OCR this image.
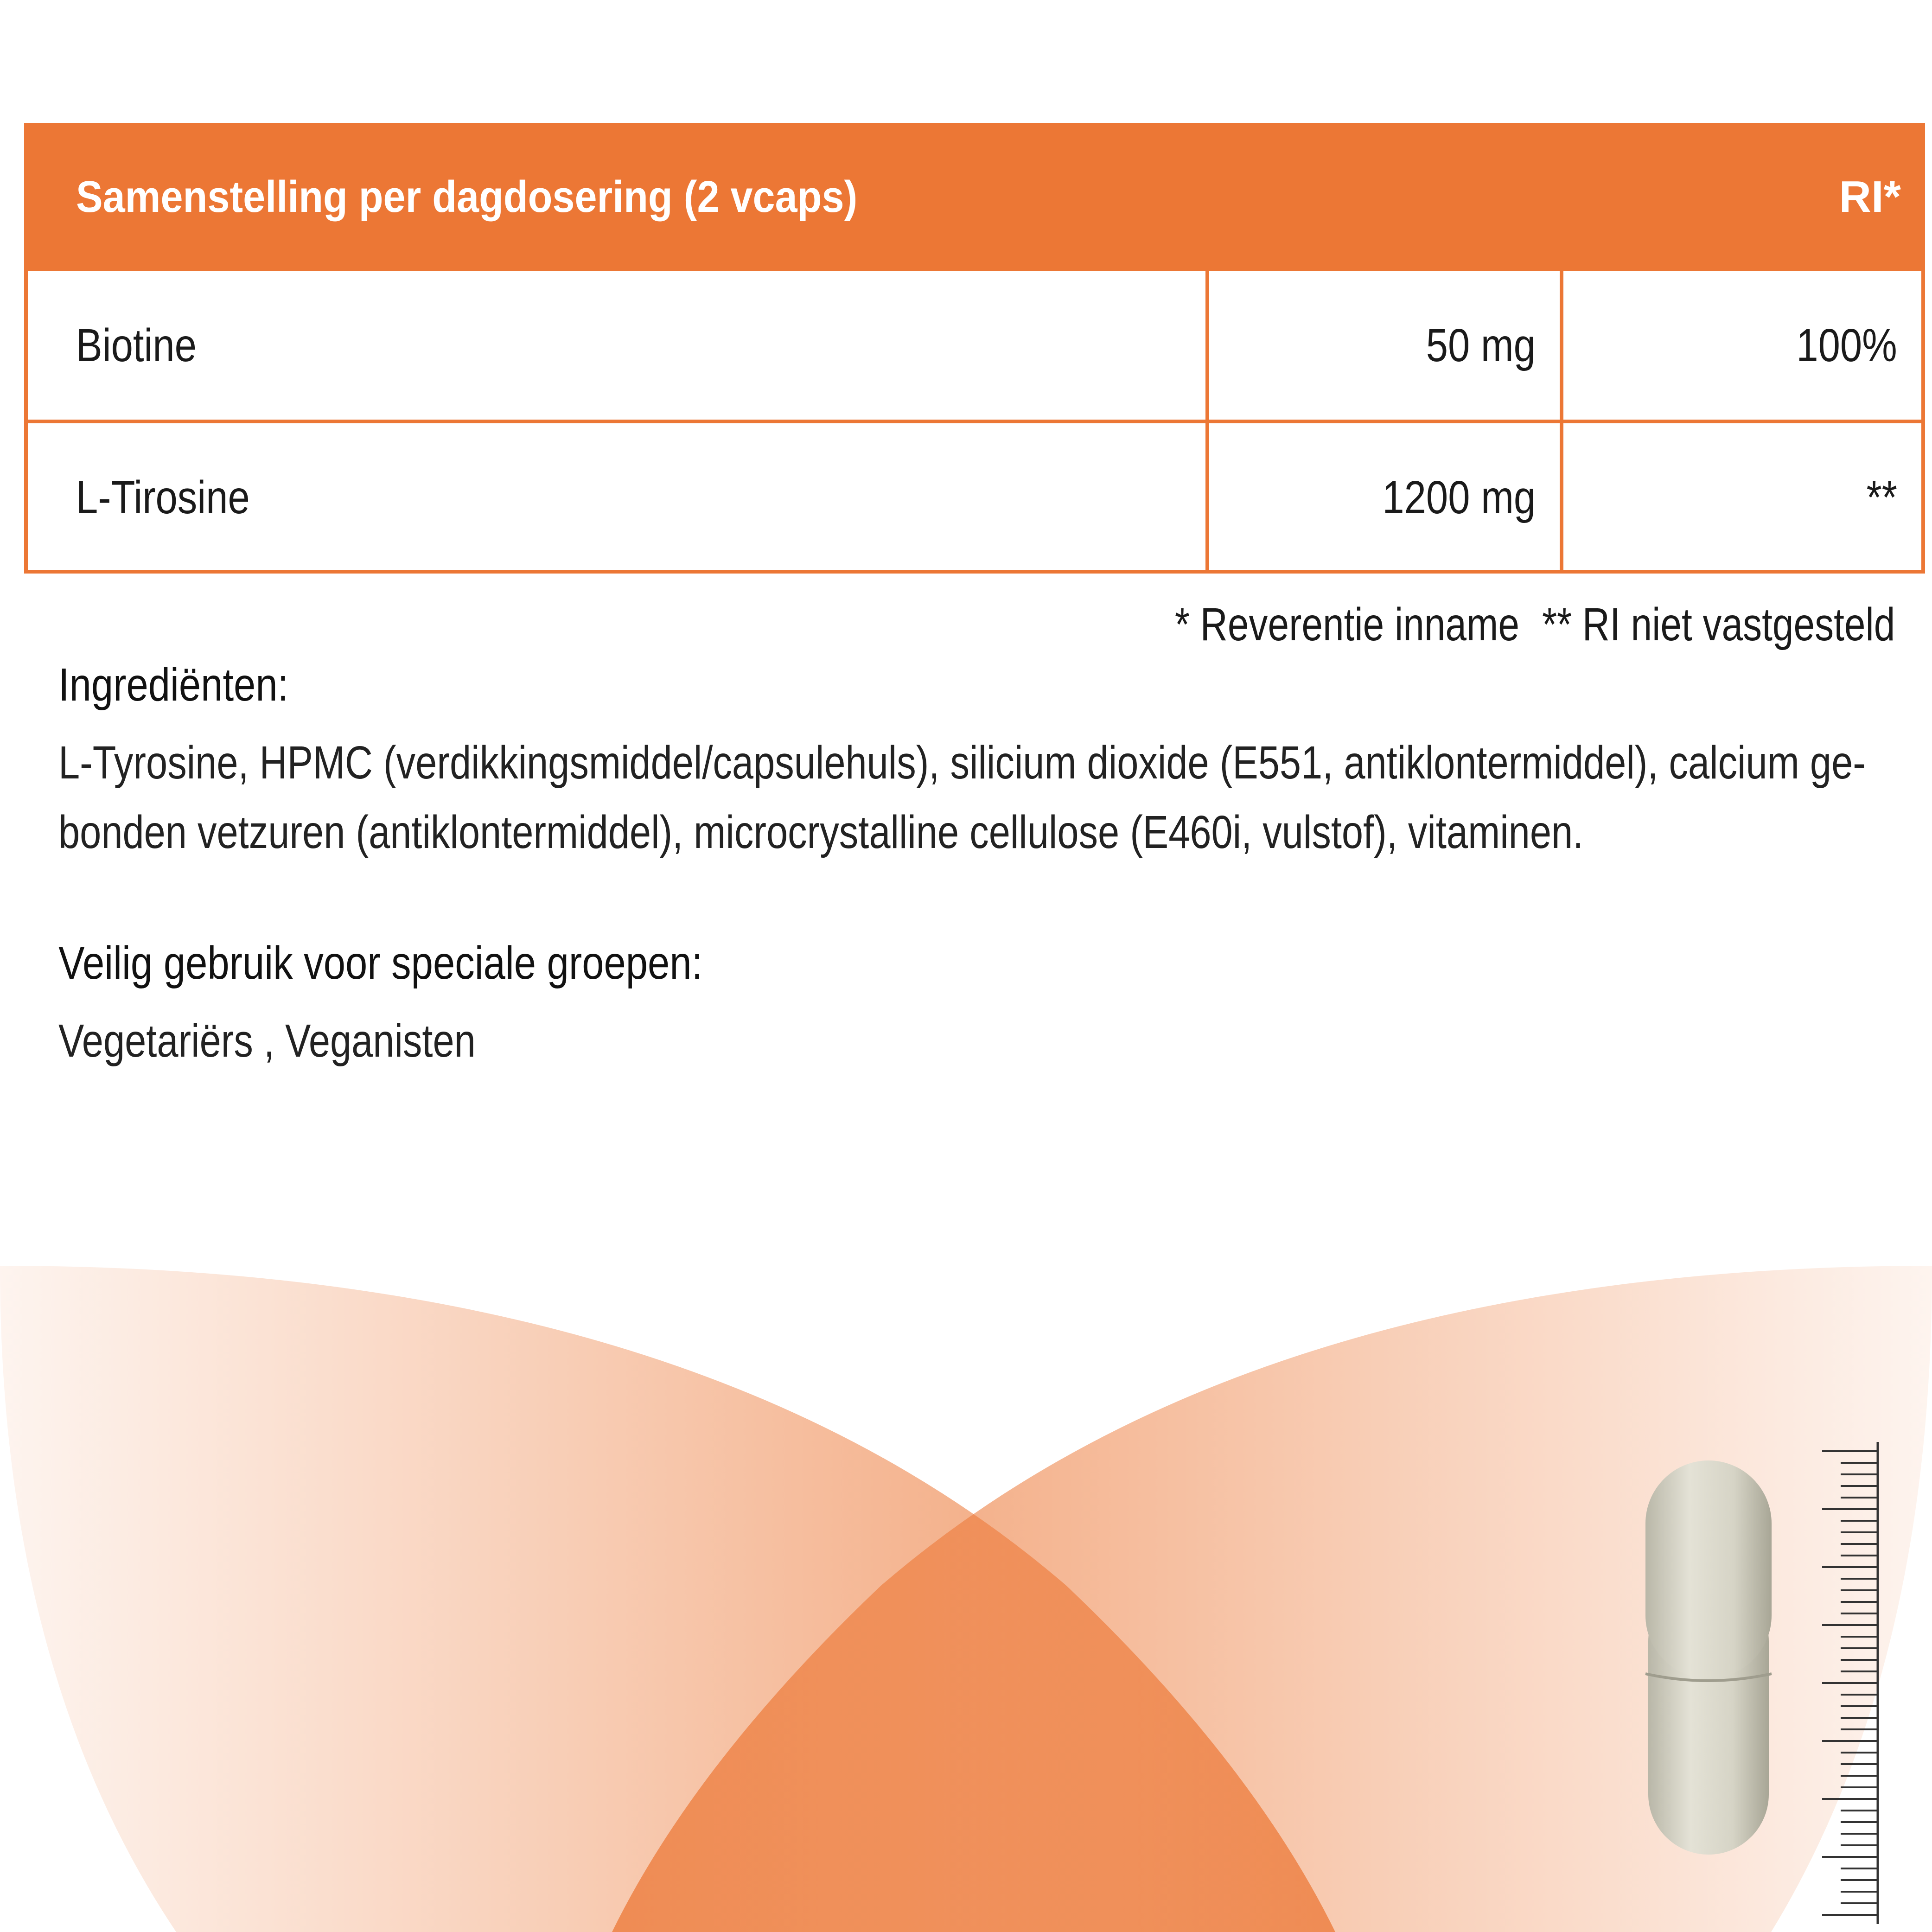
Samenstelling per dagdosering (2 vcaps)	RI*
Biotine	50 mg	100%
L-Tirosine	1200 mg	**
* Reverentie inname ** RI niet vastgesteld
Ingrediënten:
L-Tyrosine, HPMC (verdikkingsmiddel/capsulehuls), silicium dioxide (E551, antiklontermiddel), calcium ge-
bonden vetzuren (antiklontermiddel), microcrystalline cellulose (E460i, vulstof), vitaminen.
Veilig gebruik voor speciale groepen:
Vegetariërs , Veganisten
